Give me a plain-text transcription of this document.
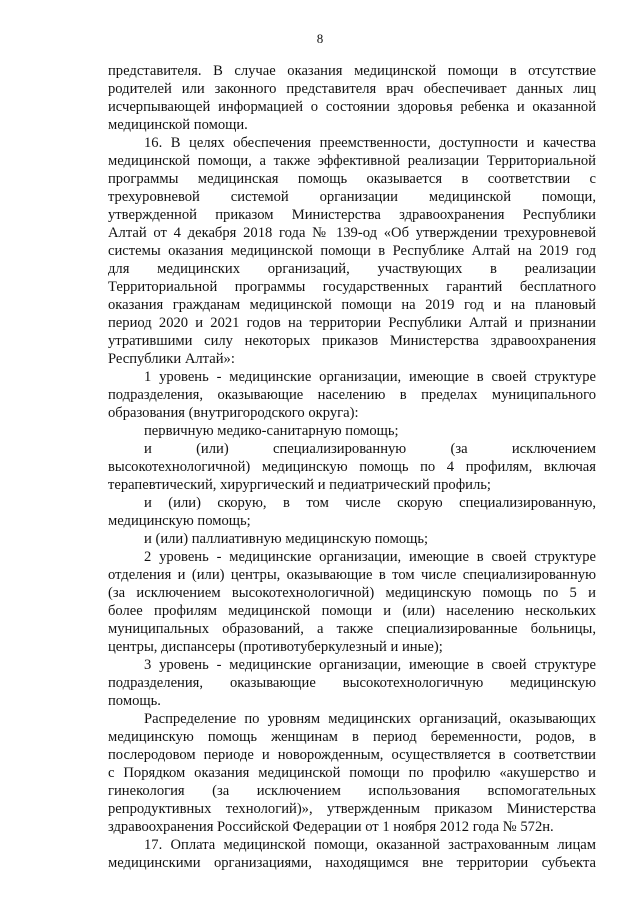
8
представителя. В случае оказания медицинской помощи в отсутствие
родителей или законного представителя врач обеспечивает данных лиц
исчерпывающей информацией о состоянии здоровья ребенка и оказанной
медицинской помощи.
16. В целях обеспечения преемственности, доступности и качества
медицинской помощи, а также эффективной реализации Территориальной
программы медицинская помощь оказывается в соответствии с
трехуровневой системой организации медицинской помощи,
утвержденной приказом Министерства здравоохранения Республики
Алтай от 4 декабря 2018 года № 139-од «Об утверждении трехуровневой
системы оказания медицинской помощи в Республике Алтай на 2019 год
для медицинских организаций, участвующих в реализации
Территориальной программы государственных гарантий бесплатного
оказания гражданам медицинской помощи на 2019 год и на плановый
период 2020 и 2021 годов на территории Республики Алтай и признании
утратившими силу некоторых приказов Министерства здравоохранения
Республики Алтай»:
1 уровень - медицинские организации, имеющие в своей структуре
подразделения, оказывающие населению в пределах муниципального
образования (внутригородского округа):
первичную медико-санитарную помощь;
и (или) специализированную (за исключением
высокотехнологичной) медицинскую помощь по 4 профилям, включая
терапевтический, хирургический и педиатрический профиль;
и (или) скорую, в том числе скорую специализированную,
медицинскую помощь;
и (или) паллиативную медицинскую помощь;
2 уровень - медицинские организации, имеющие в своей структуре
отделения и (или) центры, оказывающие в том числе специализированную
(за исключением высокотехнологичной) медицинскую помощь по 5 и
более профилям медицинской помощи и (или) населению нескольких
муниципальных образований, а также специализированные больницы,
центры, диспансеры (противотуберкулезный и иные);
3 уровень - медицинские организации, имеющие в своей структуре
подразделения, оказывающие высокотехнологичную медицинскую
помощь.
Распределение по уровням медицинских организаций, оказывающих
медицинскую помощь женщинам в период беременности, родов, в
послеродовом периоде и новорожденным, осуществляется в соответствии
с Порядком оказания медицинской помощи по профилю «акушерство и
гинекология (за исключением использования вспомогательных
репродуктивных технологий)», утвержденным приказом Министерства
здравоохранения Российской Федерации от 1 ноября 2012 года № 572н.
17. Оплата медицинской помощи, оказанной застрахованным лицам
медицинскими организациями, находящимся вне территории субъекта
